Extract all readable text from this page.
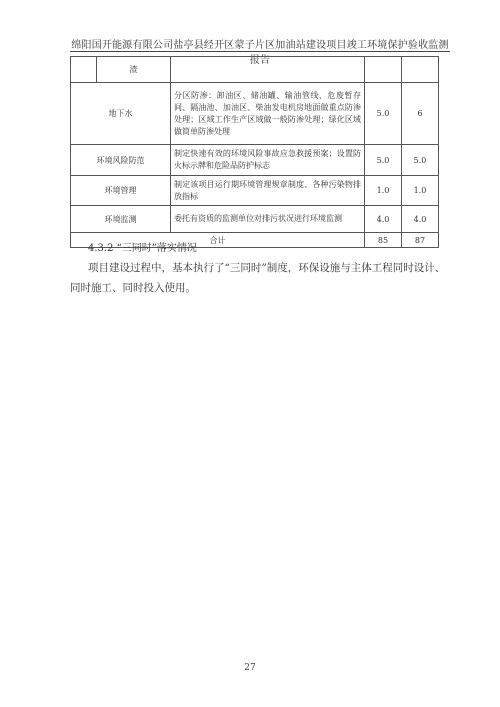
绵阳国开能源有限公司盐亭县经开区蒙子片区加油站建设项目竣工环境保护验收监测报告
	渣			
地下水		分区防渗：卸油区、储油罐、输油管线、危废暂存间、隔油池、加油区、柴油发电机房地面做重点防渗处理；区域工作生产区域做一般防渗处理；绿化区域做简单防渗处理	5.0	6
环境风险防范		制定快速有效的环境风险事故应急救援预案；设置防火标示牌和危险品防护标志	5.0	5.0
环境管理		制定该项目运行期环境管理规章制度、各种污染物排放指标	1.0	1.0
环境监测		委托有资质的监测单位对排污状况进行环境监测	4.0	4.0
合计			85	87
4.3.2 “三同时”落实情况

项目建设过程中，基本执行了“三同时”制度，环保设施与主体工程同时设计、
同时施工、同时投入使用。

27
